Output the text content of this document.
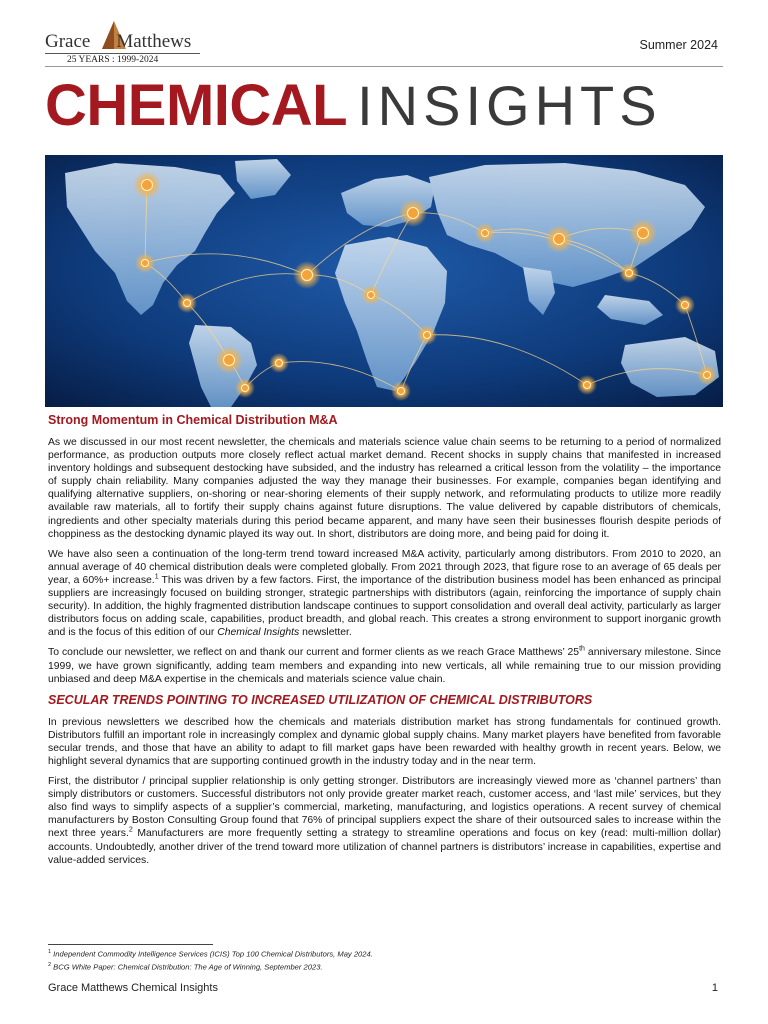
Grace Matthews
25 YEARS : 1999-2024
Summer 2024
CHEMICAL INSIGHTS
Strong Momentum in Chemical Distribution M&A

As we discussed in our most recent newsletter, the chemicals and materials science value chain seems to be returning to a period of normalized performance, as production outputs more closely reflect actual market demand. Recent shocks in supply chains that manifested in increased inventory holdings and subsequent destocking have subsided, and the industry has relearned a critical lesson from the volatility – the importance of supply chain reliability. Many companies adjusted the way they manage their businesses. For example, companies began identifying and qualifying alternative suppliers, on-shoring or near-shoring elements of their supply network, and reformulating products to utilize more readily available raw materials, all to fortify their supply chains against future disruptions. The value delivered by capable distributors of chemicals, ingredients and other specialty materials during this period became apparent, and many have seen their businesses flourish despite periods of choppiness as the destocking dynamic played its way out. In short, distributors are doing more, and being paid for doing it.

We have also seen a continuation of the long-term trend toward increased M&A activity, particularly among distributors. From 2010 to 2020, an annual average of 40 chemical distribution deals were completed globally. From 2021 through 2023, that figure rose to an average of 65 deals per year, a 60%+ increase.$^1$ This was driven by a few factors. First, the importance of the distribution business model has been enhanced as principal suppliers are increasingly focused on building stronger, strategic partnerships with distributors (again, reinforcing the importance of supply chain security). In addition, the highly fragmented distribution landscape continues to support consolidation and overall deal activity, particularly as larger distributors focus on adding scale, capabilities, product breadth, and global reach. This creates a strong environment to support inorganic growth and is the focus of this edition of our Chemical Insights newsletter.

To conclude our newsletter, we reflect on and thank our current and former clients as we reach Grace Matthews’ 25th anniversary milestone. Since 1999, we have grown significantly, adding team members and expanding into new verticals, all while remaining true to our mission providing unbiased and deep M&A expertise in the chemicals and materials science value chain.

SECULAR TRENDS POINTING TO INCREASED UTILIZATION OF CHEMICAL DISTRIBUTORS

In previous newsletters we described how the chemicals and materials distribution market has strong fundamentals for continued growth. Distributors fulfill an important role in increasingly complex and dynamic global supply chains. Many market players have benefited from favorable secular trends, and those that have an ability to adapt to fill market gaps have been rewarded with healthy growth in recent years. Below, we highlight several dynamics that are supporting continued growth in the industry today and in the near term.

First, the distributor / principal supplier relationship is only getting stronger. Distributors are increasingly viewed more as ‘channel partners’ than simply distributors or customers. Successful distributors not only provide greater market reach, customer access, and ‘last mile’ services, but they also find ways to simplify aspects of a supplier’s commercial, marketing, manufacturing, and logistics operations. A recent survey of chemical manufacturers by Boston Consulting Group found that 76% of principal suppliers expect the share of their outsourced sales to increase within the next three years.$^2$ Manufacturers are more frequently setting a strategy to streamline operations and focus on key (read: multi-million dollar) accounts. Undoubtedly, another driver of the trend toward more utilization of channel partners is distributors’ increase in capabilities, expertise and value-added services.

$^1$ Independent Commodity Intelligence Services (ICIS) Top 100 Chemical Distributors, May 2024.
$^2$ BCG White Paper: Chemical Distribution: The Age of Winning, September 2023.
Grace Matthews Chemical Insights	1
